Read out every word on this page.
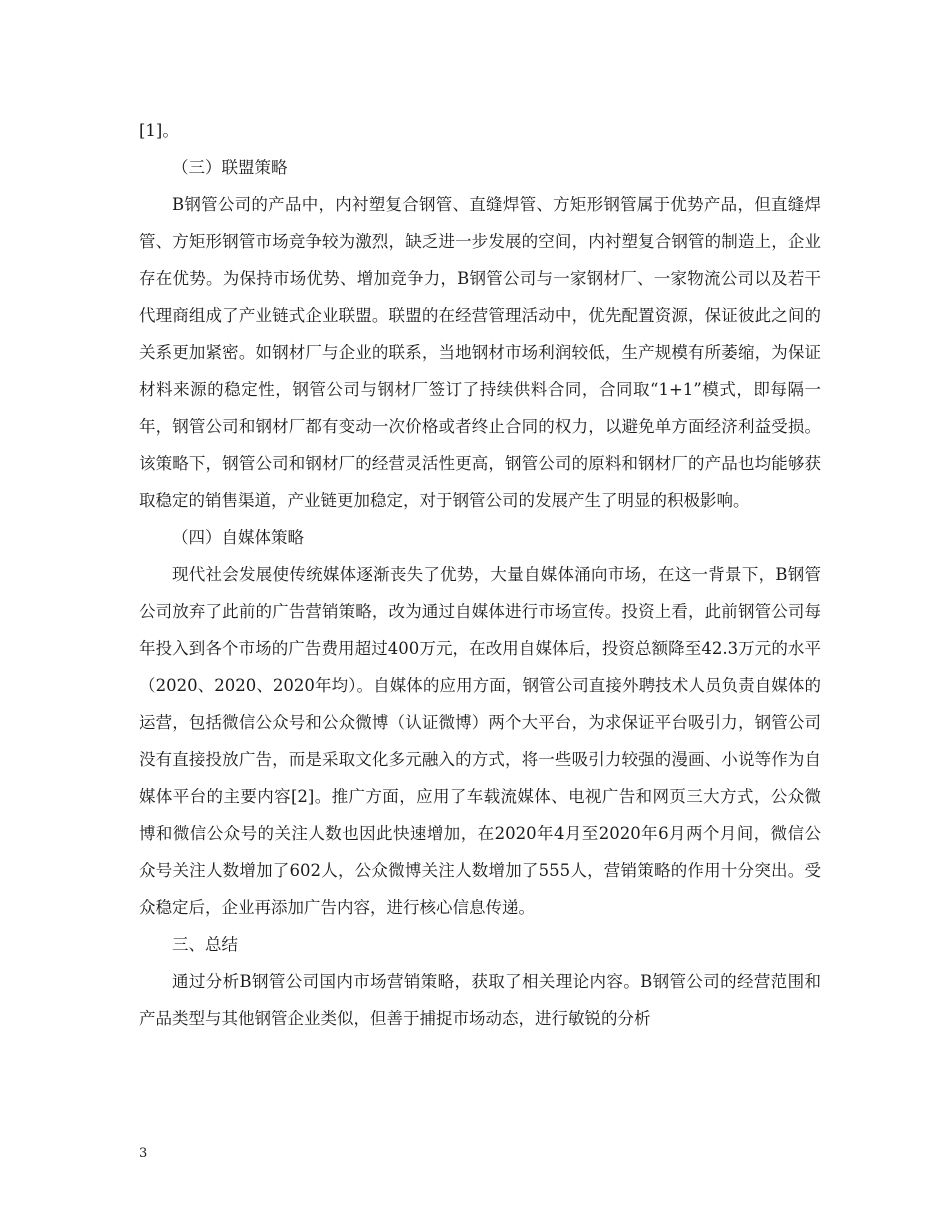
[1]。

（三）联盟策略

B钢管公司的产品中，内衬塑复合钢管、直缝焊管、方矩形钢管属于优势产品，但直缝焊管、方矩形钢管市场竞争较为激烈，缺乏进一步发展的空间，内衬塑复合钢管的制造上，企业存在优势。为保持市场优势、增加竞争力，B钢管公司与一家钢材厂、一家物流公司以及若干代理商组成了产业链式企业联盟。联盟的在经营管理活动中，优先配置资源，保证彼此之间的关系更加紧密。如钢材厂与企业的联系，当地钢材市场利润较低，生产规模有所萎缩，为保证材料来源的稳定性，钢管公司与钢材厂签订了持续供料合同，合同取“1+1”模式，即每隔一年，钢管公司和钢材厂都有变动一次价格或者终止合同的权力，以避免单方面经济利益受损。该策略下，钢管公司和钢材厂的经营灵活性更高，钢管公司的原料和钢材厂的产品也均能够获取稳定的销售渠道，产业链更加稳定，对于钢管公司的发展产生了明显的积极影响。

（四）自媒体策略

现代社会发展使传统媒体逐渐丧失了优势，大量自媒体涌向市场，在这一背景下，B钢管公司放弃了此前的广告营销策略，改为通过自媒体进行市场宣传。投资上看，此前钢管公司每年投入到各个市场的广告费用超过400万元，在改用自媒体后，投资总额降至42.3万元的水平（2020、2020、2020年均）。自媒体的应用方面，钢管公司直接外聘技术人员负责自媒体的运营，包括微信公众号和公众微博（认证微博）两个大平台，为求保证平台吸引力，钢管公司没有直接投放广告，而是采取文化多元融入的方式，将一些吸引力较强的漫画、小说等作为自媒体平台的主要内容[2]。推广方面，应用了车载流媒体、电视广告和网页三大方式，公众微博和微信公众号的关注人数也因此快速增加，在2020年4月至2020年6月两个月间，微信公众号关注人数增加了602人，公众微博关注人数增加了555人，营销策略的作用十分突出。受众稳定后，企业再添加广告内容，进行核心信息传递。

三、总结

通过分析B钢管公司国内市场营销策略，获取了相关理论内容。B钢管公司的经营范围和产品类型与其他钢管企业类似，但善于捕捉市场动态，进行敏锐的分析

3
